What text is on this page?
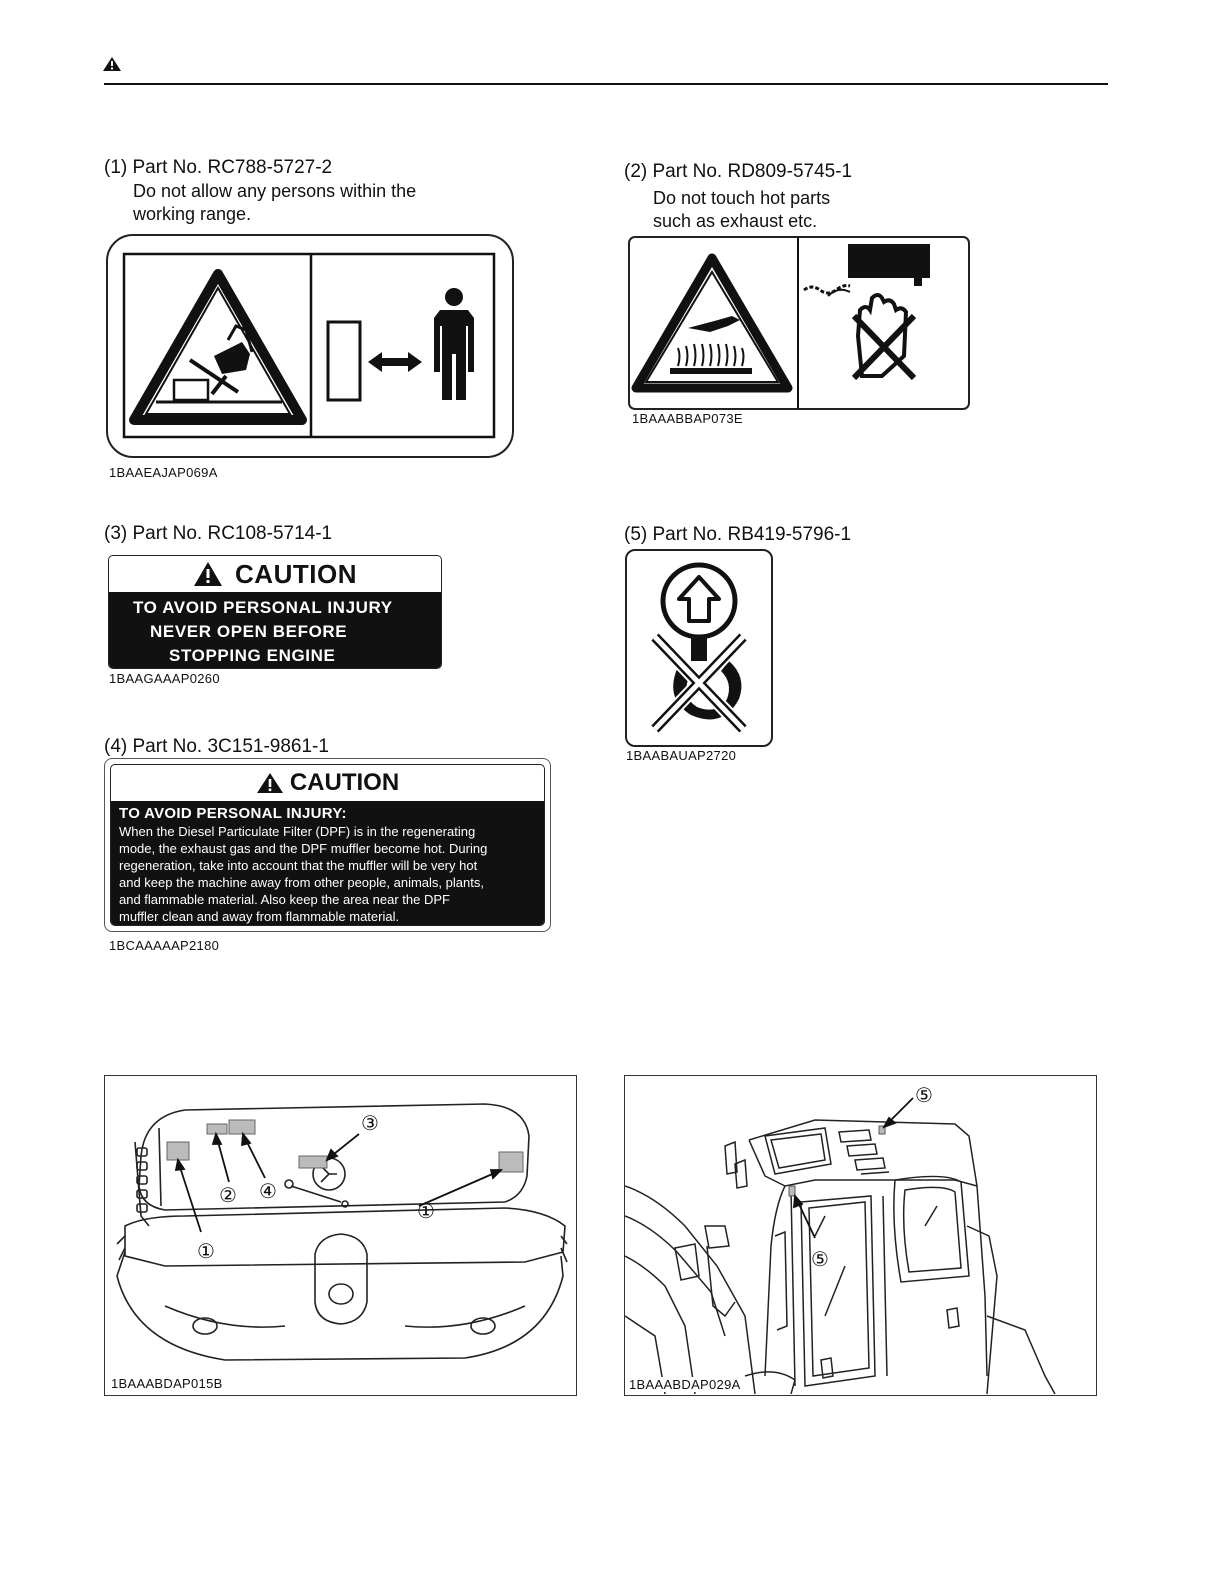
(1) Part No. RC788-5727-2
Do not allow any persons within the
working range.
1BAAEAJAP069A
(2) Part No. RD809-5745-1
Do not touch hot parts
such as exhaust etc.
1BAAABBAP073E
(3) Part No. RC108-5714-1
CAUTION
TO AVOID PERSONAL INJURY
NEVER OPEN BEFORE
STOPPING ENGINE
1BAAGAAAP0260
(4) Part No. 3C151-9861-1
CAUTION
TO AVOID PERSONAL INJURY:
When the Diesel Particulate Filter (DPF) is in the regenerating
mode, the exhaust gas and the DPF muffler become hot. During
regeneration, take into account that the muffler will be very hot
and keep the machine away from other people, animals, plants,
and flammable material. Also keep the area near the DPF
muffler clean and away from flammable material.
1BCAAAAAP2180
(5) Part No. RB419-5796-1
1BAABAUAP2720
③
② ④
①
①
1BAAABDAP015B
⑤
⑤
1BAAABDAP029A
